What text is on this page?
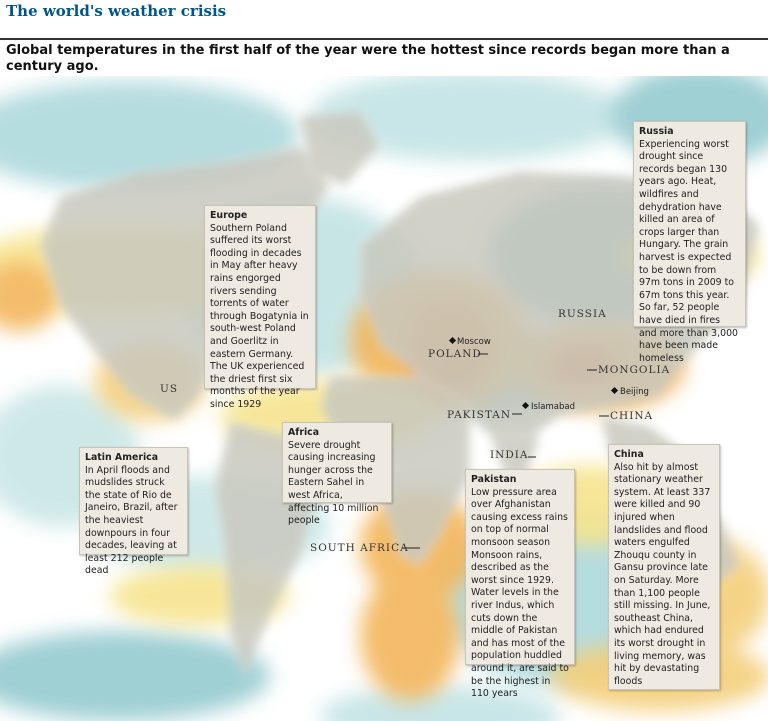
The world's weather crisis
Global temperatures in the first half of the year were the hottest since records began more than a century ago.

US
POLAND
RUSSIA
MONGOLIA
CHINA
PAKISTAN
INDIA
SOUTH AFRICA
Moscow
Islamabad
Beijing
Europe
Southern Poland suffered its worst flooding in decades in May after heavy rains engorged rivers sending torrents of water through Bogatynia in south-west Poland and Goerlitz in eastern Germany. The UK experienced the driest first six months of the year since 1929
Russia
Experiencing worst drought since records began 130 years ago. Heat, wildfires and dehydration have killed an area of crops larger than Hungary. The grain harvest is expected to be down from 97m tons in 2009 to 67m tons this year. So far, 52 people have died in fires and more than 3,000 have been made homeless
Africa
Severe drought causing increasing hunger across the Eastern Sahel in west Africa, affecting 10 million people
Latin America
In April floods and mudslides struck the state of Rio de Janeiro, Brazil, after the heaviest downpours in four decades, leaving at least 212 people dead
Pakistan
Low pressure area over Afghanistan causing excess rains on top of normal monsoon season Monsoon rains, described as the worst since 1929. Water levels in the river Indus, which cuts down the middle of Pakistan and has most of the population huddled around it, are said to be the highest in 110 years
China
Also hit by almost stationary weather system. At least 337 were killed and 90 injured when landslides and flood waters engulfed Zhouqu county in Gansu province late on Saturday. More than 1,100 people still missing. In June, southeast China, which had endured its worst drought in living memory, was hit by devastating floods
